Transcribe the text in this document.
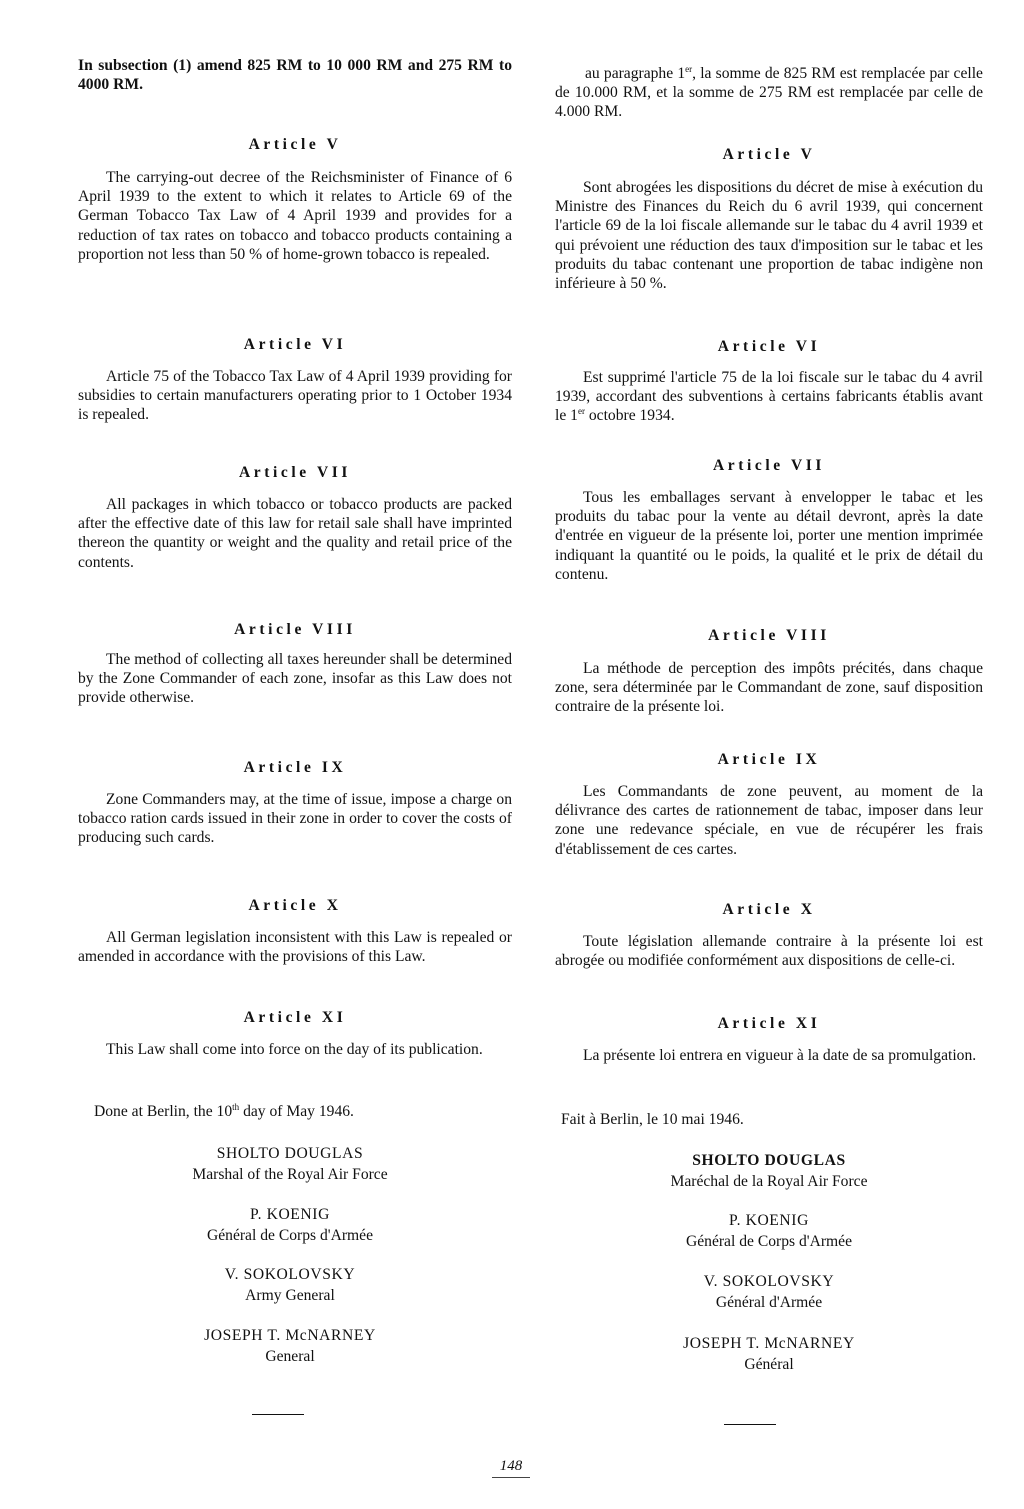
In subsection (1) amend 825 RM to 10 000 RM and 275 RM to 4000 RM.

Article V

The carrying-out decree of the Reichsminister of Finance of 6 April 1939 to the extent to which it relates to Article 69 of the German Tobacco Tax Law of 4 April 1939 and provides for a reduction of tax rates on tobacco and tobacco products containing a proportion not less than 50 % of home-grown tobacco is repealed.

Article VI

Article 75 of the Tobacco Tax Law of 4 April 1939 providing for subsidies to certain manufacturers operating prior to 1 October 1934 is repealed.

Article VII

All packages in which tobacco or tobacco products are packed after the effective date of this law for retail sale shall have imprinted thereon the quantity or weight and the quality and retail price of the contents.

Article VIII

The method of collecting all taxes hereunder shall be determined by the Zone Commander of each zone, insofar as this Law does not provide otherwise.

Article IX

Zone Commanders may, at the time of issue, impose a charge on tobacco ration cards issued in their zone in order to cover the costs of producing such cards.

Article X

All German legislation inconsistent with this Law is repealed or amended in accordance with the provisions of this Law.

Article XI

This Law shall come into force on the day of its publication.

Done at Berlin, the 10th day of May 1946.

SHOLTO DOUGLAS
Marshal of the Royal Air Force
P. KOENIG
Général de Corps d'Armée
V. SOKOLOVSKY
Army General
JOSEPH T. McNARNEY
General

au paragraphe 1er, la somme de 825 RM est remplacée par celle de 10.000 RM, et la somme de 275 RM est remplacée par celle de 4.000 RM.

Article V

Sont abrogées les dispositions du décret de mise à exécution du Ministre des Finances du Reich du 6 avril 1939, qui concernent l'article 69 de la loi fiscale allemande sur le tabac du 4 avril 1939 et qui prévoient une réduction des taux d'imposition sur le tabac et les produits du tabac contenant une proportion de tabac indigène non inférieure à 50 %.

Article VI

Est supprimé l'article 75 de la loi fiscale sur le tabac du 4 avril 1939, accordant des subventions à certains fabricants établis avant le 1er octobre 1934.

Article VII

Tous les emballages servant à envelopper le tabac et les produits du tabac pour la vente au détail devront, après la date d'entrée en vigueur de la présente loi, porter une mention imprimée indiquant la quantité ou le poids, la qualité et le prix de détail du contenu.

Article VIII

La méthode de perception des impôts précités, dans chaque zone, sera déterminée par le Commandant de zone, sauf disposition contraire de la présente loi.

Article IX

Les Commandants de zone peuvent, au moment de la délivrance des cartes de rationnement de tabac, imposer dans leur zone une redevance spéciale, en vue de récupérer les frais d'établissement de ces cartes.

Article X

Toute législation allemande contraire à la présente loi est abrogée ou modifiée conformément aux dispositions de celle-ci.

Article XI

La présente loi entrera en vigueur à la date de sa promulgation.

Fait à Berlin, le 10 mai 1946.

SHOLTO DOUGLAS
Maréchal de la Royal Air Force
P. KOENIG
Général de Corps d'Armée
V. SOKOLOVSKY
Général d'Armée
JOSEPH T. McNARNEY
Général
148
